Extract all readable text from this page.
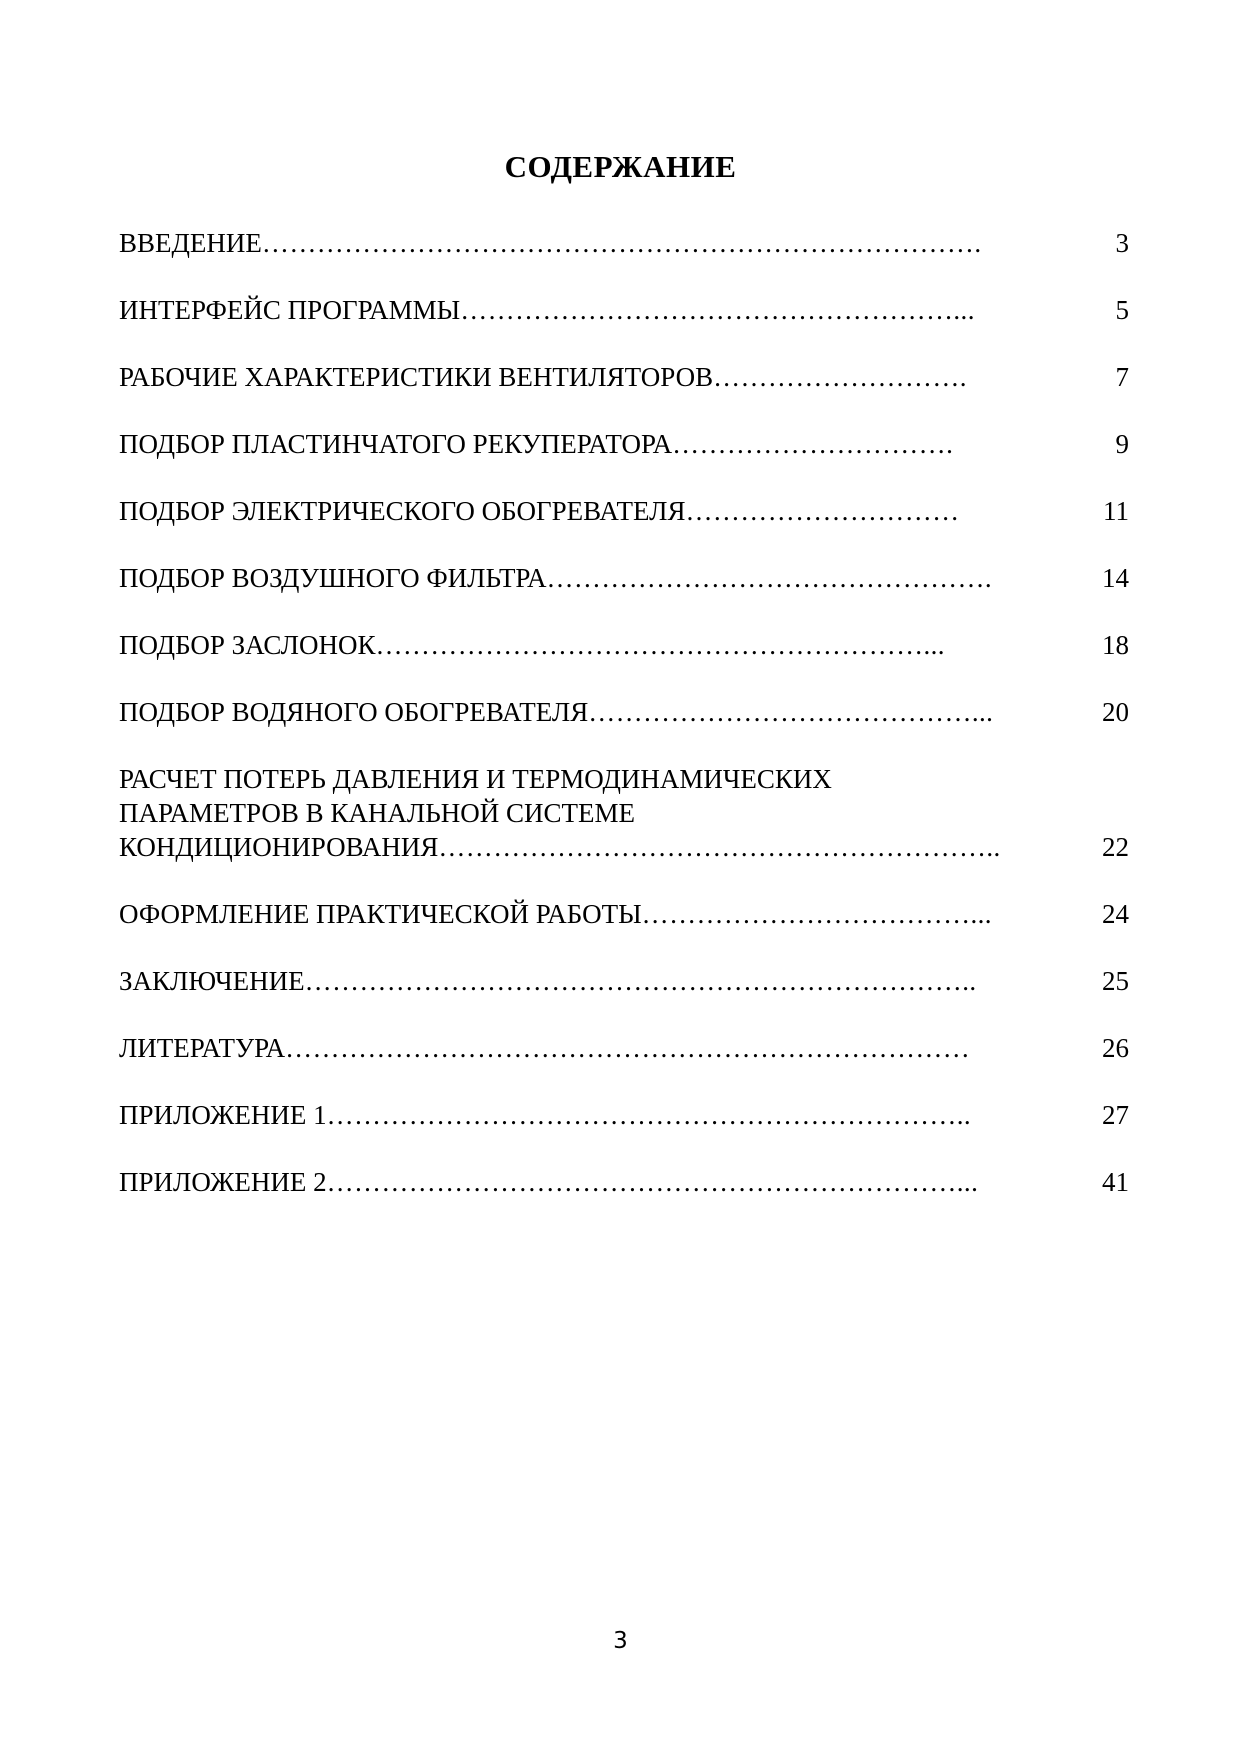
СОДЕРЖАНИЕ
ВВЕДЕНИЕ…………………………………………………………………….	3
ИНТЕРФЕЙС ПРОГРАММЫ………………………………………………...	5
РАБОЧИЕ ХАРАКТЕРИСТИКИ ВЕНТИЛЯТОРОВ……………………….	7
ПОДБОР ПЛАСТИНЧАТОГО РЕКУПЕРАТОРА………………………….	9
ПОДБОР ЭЛЕКТРИЧЕСКОГО ОБОГРЕВАТЕЛЯ…………………………	11
ПОДБОР ВОЗДУШНОГО ФИЛЬТРА………………………………………….	14
ПОДБОР ЗАСЛОНОК……………………………………………………...	18
ПОДБОР ВОДЯНОГО ОБОГРЕВАТЕЛЯ……………………………………...	20
РАСЧЕТ ПОТЕРЬ ДАВЛЕНИЯ И ТЕРМОДИНАМИЧЕСКИХ
ПАРАМЕТРОВ В КАНАЛЬНОЙ СИСТЕМЕ
КОНДИЦИОНИРОВАНИЯ……………………………………………………..	22
ОФОРМЛЕНИЕ ПРАКТИЧЕСКОЙ РАБОТЫ………………………………...	24
ЗАКЛЮЧЕНИЕ………………………………………………………………..	25
ЛИТЕРАТУРА…………………………………………………………………	26
ПРИЛОЖЕНИЕ 1……………………………………………………………..	27
ПРИЛОЖЕНИЕ 2……………………………………………………………...	41
3
